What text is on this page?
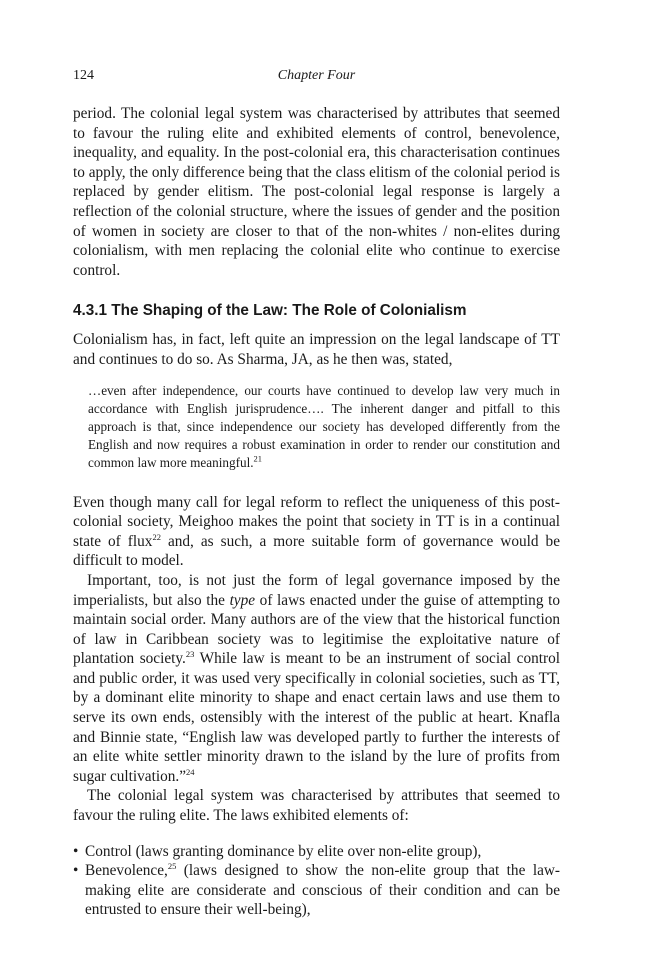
124	Chapter Four

period. The colonial legal system was characterised by attributes that seemed to favour the ruling elite and exhibited elements of control, benevolence, inequality, and equality. In the post-colonial era, this characterisation continues to apply, the only difference being that the class elitism of the colonial period is replaced by gender elitism. The post-colonial legal response is largely a reflection of the colonial structure, where the issues of gender and the position of women in society are closer to that of the non-whites / non-elites during colonialism, with men replacing the colonial elite who continue to exercise control.

4.3.1 The Shaping of the Law: The Role of Colonialism

Colonialism has, in fact, left quite an impression on the legal landscape of TT and continues to do so. As Sharma, JA, as he then was, stated,

…even after independence, our courts have continued to develop law very much in accordance with English jurisprudence…. The inherent danger and pitfall to this approach is that, since independence our society has developed differently from the English and now requires a robust examination in order to render our constitution and common law more meaningful.$^{21}$

Even though many call for legal reform to reflect the uniqueness of this post-colonial society, Meighoo makes the point that society in TT is in a continual state of flux$^{22}$ and, as such, a more suitable form of governance would be difficult to model.

Important, too, is not just the form of legal governance imposed by the imperialists, but also the type of laws enacted under the guise of attempting to maintain social order. Many authors are of the view that the historical function of law in Caribbean society was to legitimise the exploitative nature of plantation society.$^{23}$ While law is meant to be an instrument of social control and public order, it was used very specifically in colonial societies, such as TT, by a dominant elite minority to shape and enact certain laws and use them to serve its own ends, ostensibly with the interest of the public at heart. Knafla and Binnie state, “English law was developed partly to further the interests of an elite white settler minority drawn to the island by the lure of profits from sugar cultivation.”$^{24}$

The colonial legal system was characterised by attributes that seemed to favour the ruling elite. The laws exhibited elements of:

• Control (laws granting dominance by elite over non-elite group),
• Benevolence,$^{25}$ (laws designed to show the non-elite group that the law-making elite are considerate and conscious of their condition and can be entrusted to ensure their well-being),
